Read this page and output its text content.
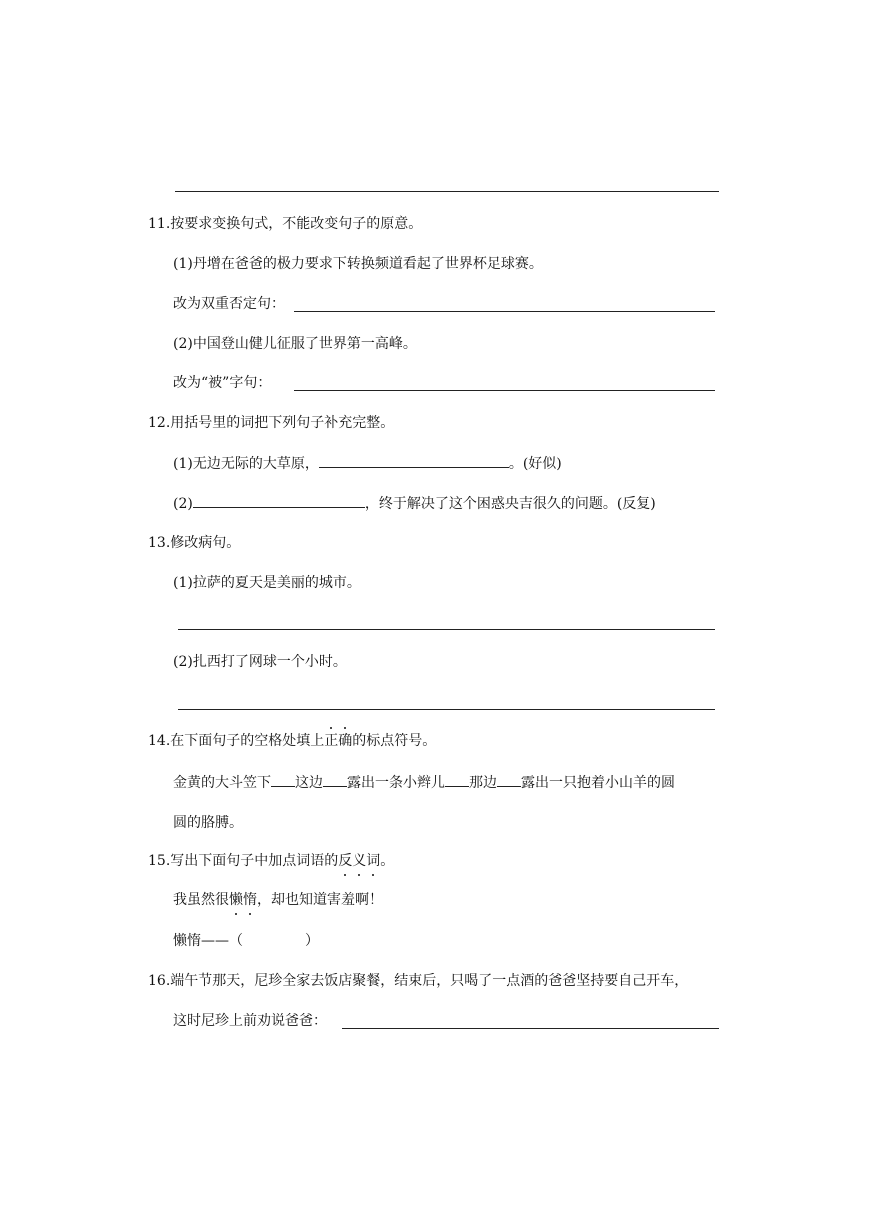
11.按要求变换句式，不能改变句子的原意。
(1)丹增在爸爸的极力要求下转换频道看起了世界杯足球赛。
改为双重否定句：
(2)中国登山健儿征服了世界第一高峰。
改为“被”字句：
12.用括号里的词把下列句子补充完整。
(1)无边无际的大草原，	。(好似)
(2)	，终于解决了这个困惑央吉很久的问题。(反复)
13.修改病句。
(1)拉萨的夏天是美丽的城市。
(2)扎西打了网球一个小时。
14.在下面句子的空格处填上正确的标点符号。
金黄的大斗笠下 这边 露出一条小辫儿 那边 露出一只抱着小山羊的圆
圆的胳膊。
15.写出下面句子中加点词语的反义词。
我虽然很懒惰，却也知道害羞啊！
懒惰——（	）
16.端午节那天，尼珍全家去饭店聚餐，结束后，只喝了一点酒的爸爸坚持要自己开车，
这时尼珍上前劝说爸爸：
